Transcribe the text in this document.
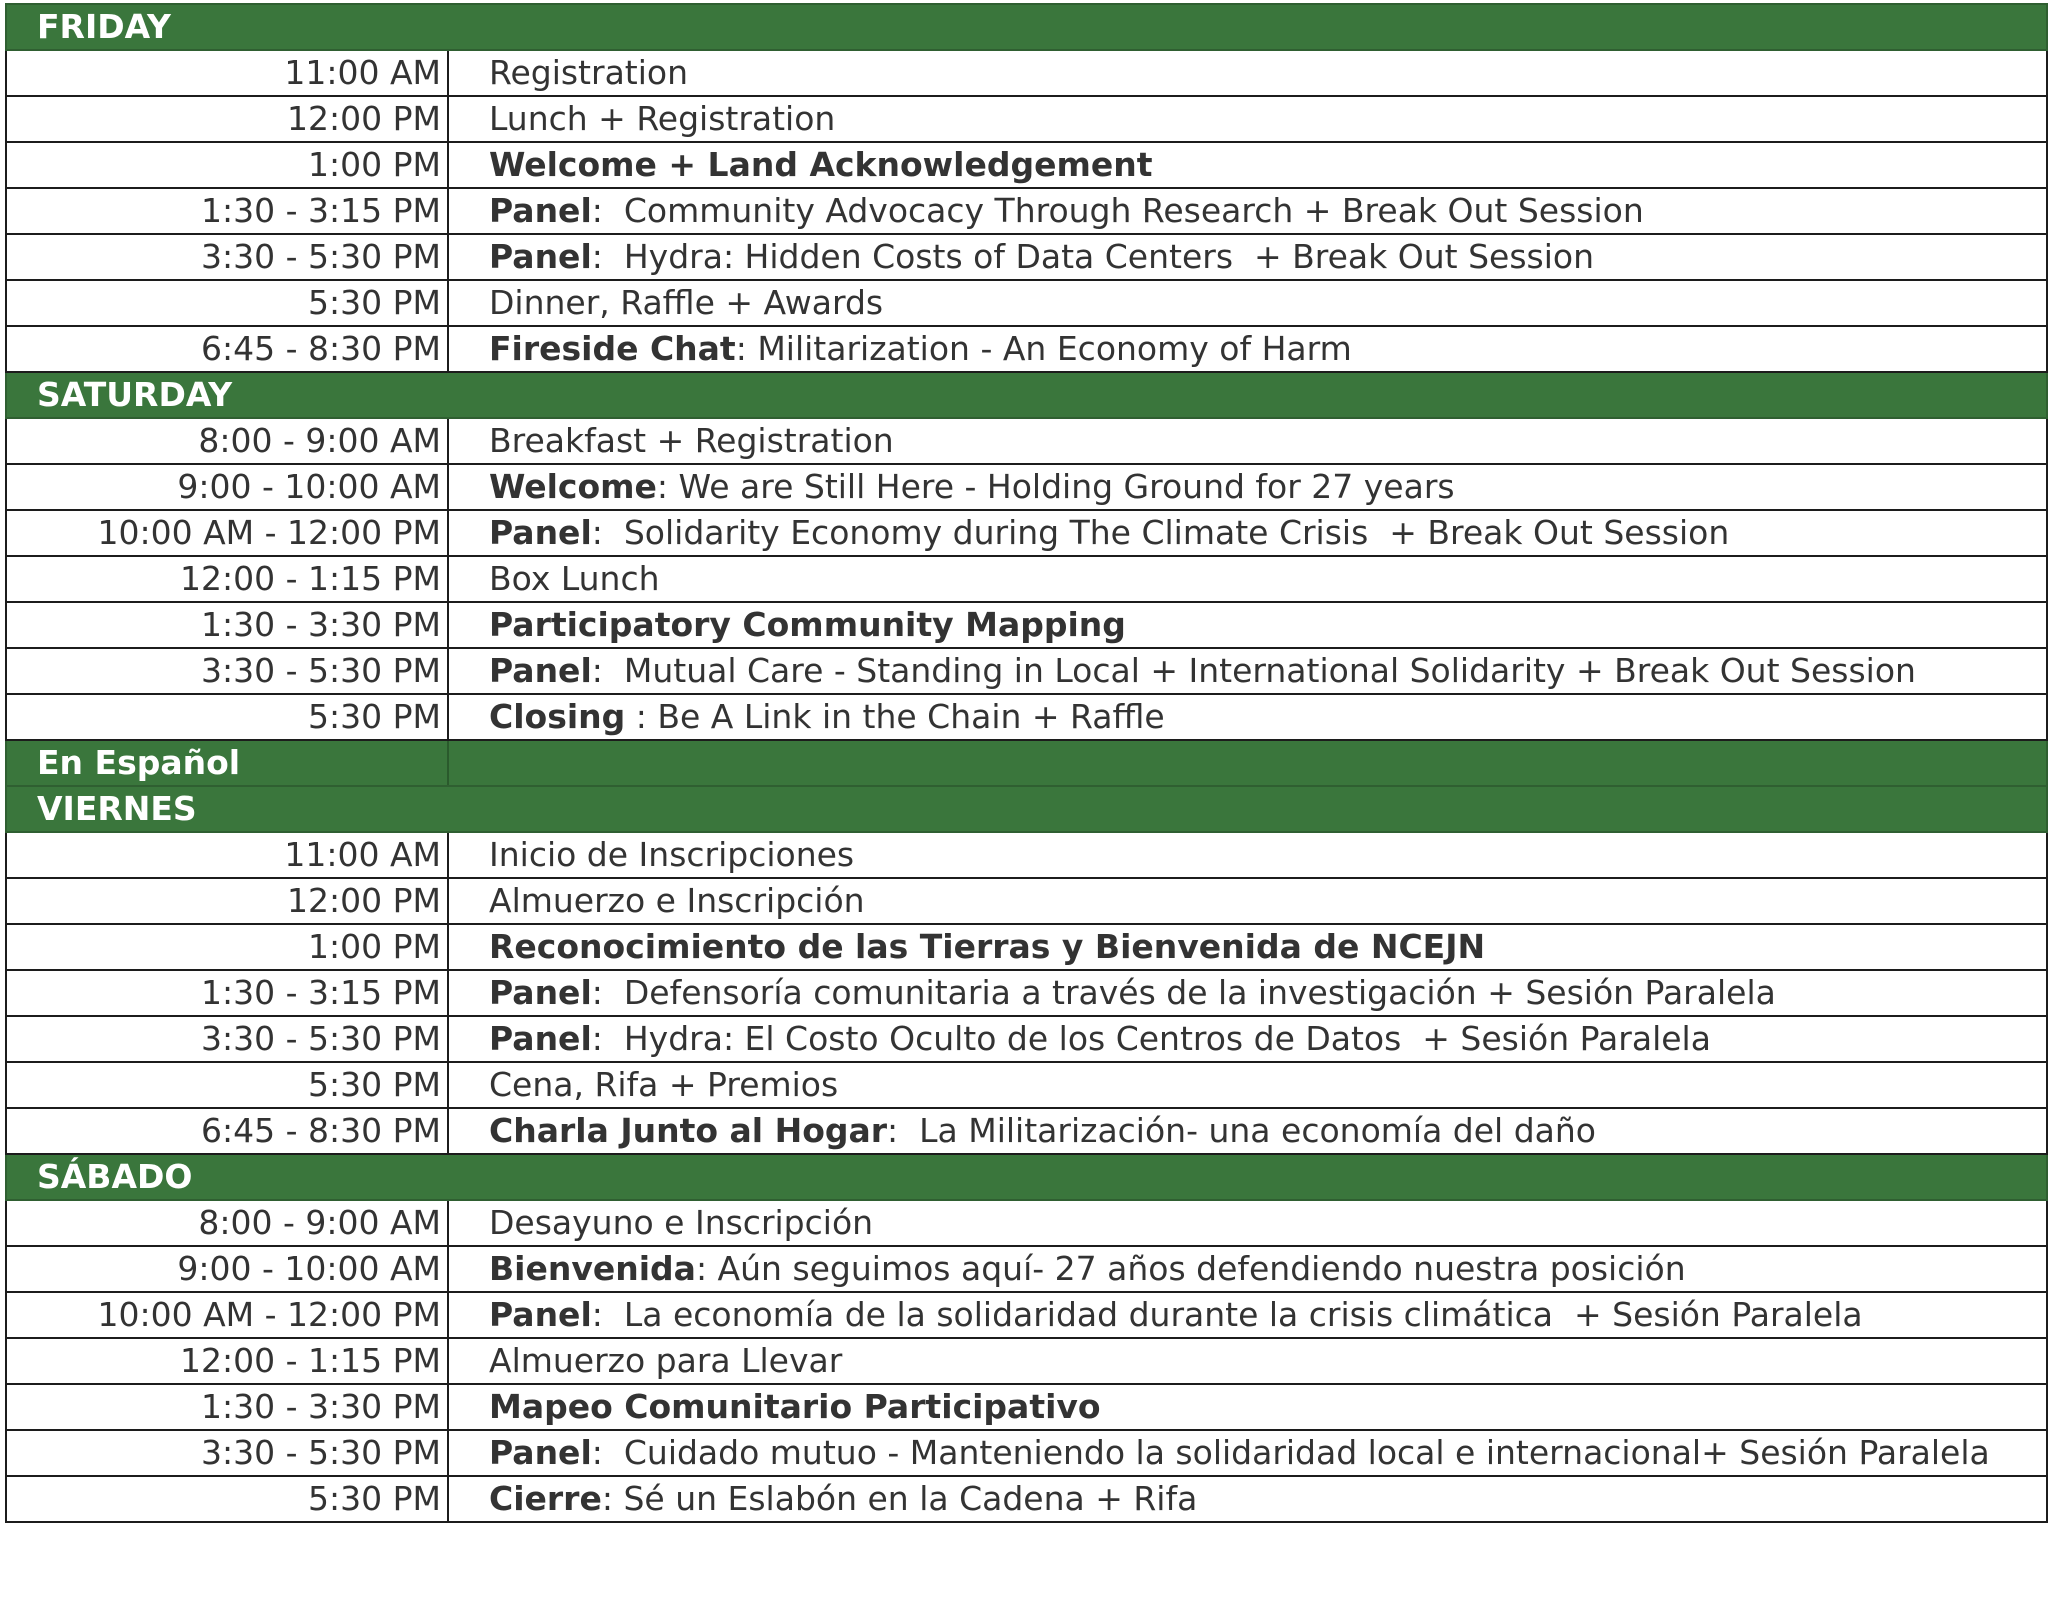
FRIDAY	
11:00 AM	Registration
12:00 PM	Lunch + Registration
1:00 PM	Welcome + Land Acknowledgement
1:30 - 3:15 PM	Panel:  Community Advocacy Through Research + Break Out Session
3:30 - 5:30 PM	Panel:  Hydra: Hidden Costs of Data Centers  + Break Out Session
5:30 PM	Dinner, Raffle + Awards
6:45 - 8:30 PM	Fireside Chat: Militarization - An Economy of Harm
SATURDAY	
8:00 - 9:00 AM	Breakfast + Registration
9:00 - 10:00 AM	Welcome: We are Still Here - Holding Ground for 27 years
10:00 AM - 12:00 PM	Panel:  Solidarity Economy during The Climate Crisis  + Break Out Session
12:00 - 1:15 PM	Box Lunch
1:30 - 3:30 PM	Participatory Community Mapping
3:30 - 5:30 PM	Panel:  Mutual Care - Standing in Local + International Solidarity + Break Out Session
5:30 PM	Closing : Be A Link in the Chain + Raffle
En Español	
VIERNES	
11:00 AM	Inicio de Inscripciones
12:00 PM	Almuerzo e Inscripción
1:00 PM	Reconocimiento de las Tierras y Bienvenida de NCEJN
1:30 - 3:15 PM	Panel:  Defensoría comunitaria a través de la investigación + Sesión Paralela
3:30 - 5:30 PM	Panel:  Hydra: El Costo Oculto de los Centros de Datos  + Sesión Paralela
5:30 PM	Cena, Rifa + Premios
6:45 - 8:30 PM	Charla Junto al Hogar:  La Militarización- una economía del daño
SÁBADO	
8:00 - 9:00 AM	Desayuno e Inscripción
9:00 - 10:00 AM	Bienvenida: Aún seguimos aquí- 27 años defendiendo nuestra posición
10:00 AM - 12:00 PM	Panel:  La economía de la solidaridad durante la crisis climática  + Sesión Paralela
12:00 - 1:15 PM	Almuerzo para Llevar
1:30 - 3:30 PM	Mapeo Comunitario Participativo
3:30 - 5:30 PM	Panel:  Cuidado mutuo - Manteniendo la solidaridad local e internacional+ Sesión Paralela
5:30 PM	Cierre: Sé un Eslabón en la Cadena + Rifa
